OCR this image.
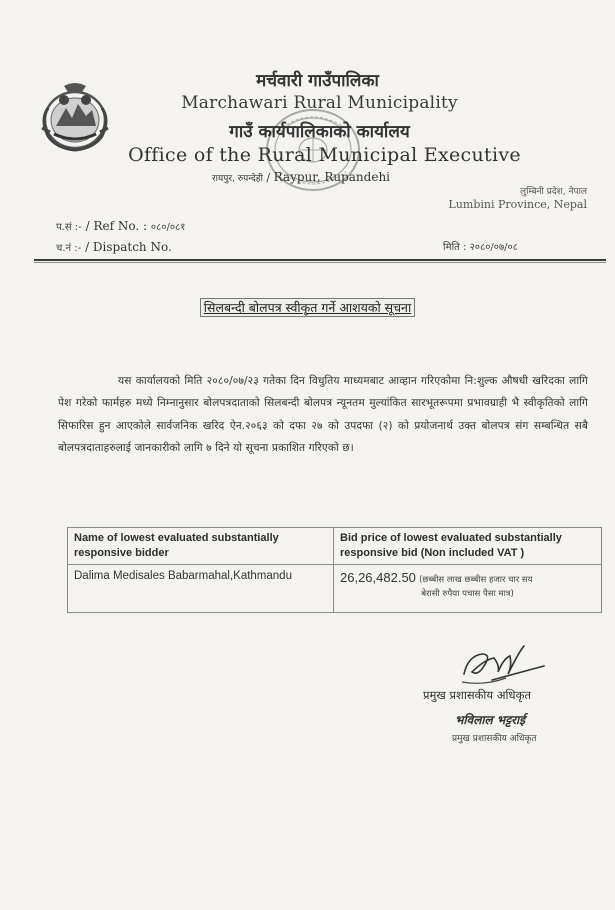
मर्चवारी गाउँपालिका
Marchawari Rural Municipality
गाउँ कार्यपालिकाको कार्यालय
Office of the Rural Municipal Executive
रायपुर, रुपन्देही / Raypur, Rupandehi
लुम्बिनी प्रदेश, नेपाल
Lumbini Province, Nepal
प.सं :- / Ref No. : ०८०/०८१
च.नं :- / Dispatch No.	मिति : २०८०/०७/०८
सिलबन्दी बोलपत्र स्वीकृत गर्ने आशयको सूचना
यस कार्यालयको मिति २०८०/०७/२३ गतेका दिन विधुतिय माध्यमबाट आव्हान गरिएकोमा नि:शुल्क औषधी खरिदका लागि पेश गरेको फार्महरु मध्ये निम्नानुसार बोलपत्रदाताको सिलबन्दी बोलपत्र न्यूनतम मुल्यांकित सारभूतरूपमा प्रभावग्राही भै स्वीकृतिको लागि सिफारिस हुन आएकोले सार्वजनिक खरिद ऐन.२०६३ को दफा २७ को उपदफा (२) को प्रयोजनार्थ उक्त बोलपत्र संग सम्बन्धित सबै बोलपत्रदाताहरुलाई जानकारीको लागि ७ दिने यो सूचना प्रकाशित गरिएको छ।
Name of lowest evaluated substantially responsive bidder	Bid price of lowest evaluated substantially responsive bid (Non included VAT )
Dalima Medisales Babarmahal,Kathmandu	26,26,482.50 (छब्बीस लाख छब्बीस हजार चार सय
बेरासी रुपैया पचास पैसा मात्र)
प्रमुख प्रशासकीय अधिकृत
भविलाल भट्टराई
प्रमुख प्रशासकीय अधिकृत
